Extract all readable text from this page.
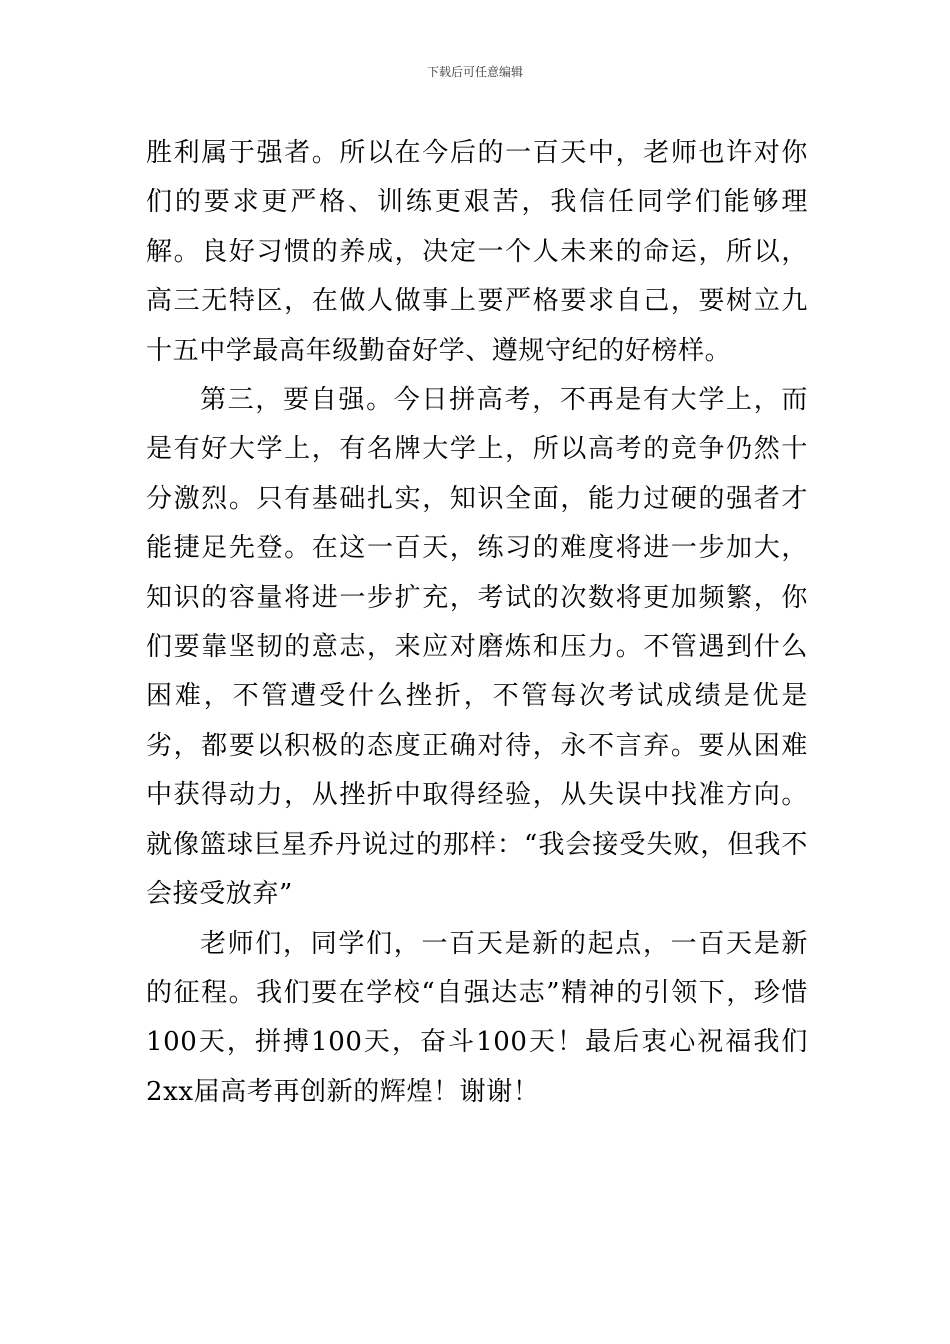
下载后可任意编辑

胜利属于强者。所以在今后的一百天中，老师也许对你们的要求更严格、训练更艰苦，我信任同学们能够理解。良好习惯的养成，决定一个人未来的命运，所以，高三无特区，在做人做事上要严格要求自己，要树立九十五中学最高年级勤奋好学、遵规守纪的好榜样。

第三，要自强。今日拼高考，不再是有大学上，而是有好大学上，有名牌大学上，所以高考的竞争仍然十分激烈。只有基础扎实，知识全面，能力过硬的强者才能捷足先登。在这一百天，练习的难度将进一步加大，知识的容量将进一步扩充，考试的次数将更加频繁，你们要靠坚韧的意志，来应对磨炼和压力。不管遇到什么困难，不管遭受什么挫折，不管每次考试成绩是优是劣，都要以积极的态度正确对待，永不言弃。要从困难中获得动力，从挫折中取得经验，从失误中找准方向。就像篮球巨星乔丹说过的那样：“我会接受失败，但我不会接受放弃”

老师们，同学们，一百天是新的起点，一百天是新的征程。我们要在学校“自强达志”精神的引领下，珍惜100天，拼搏100天，奋斗100天！最后衷心祝福我们2xx届高考再创新的辉煌！谢谢！
